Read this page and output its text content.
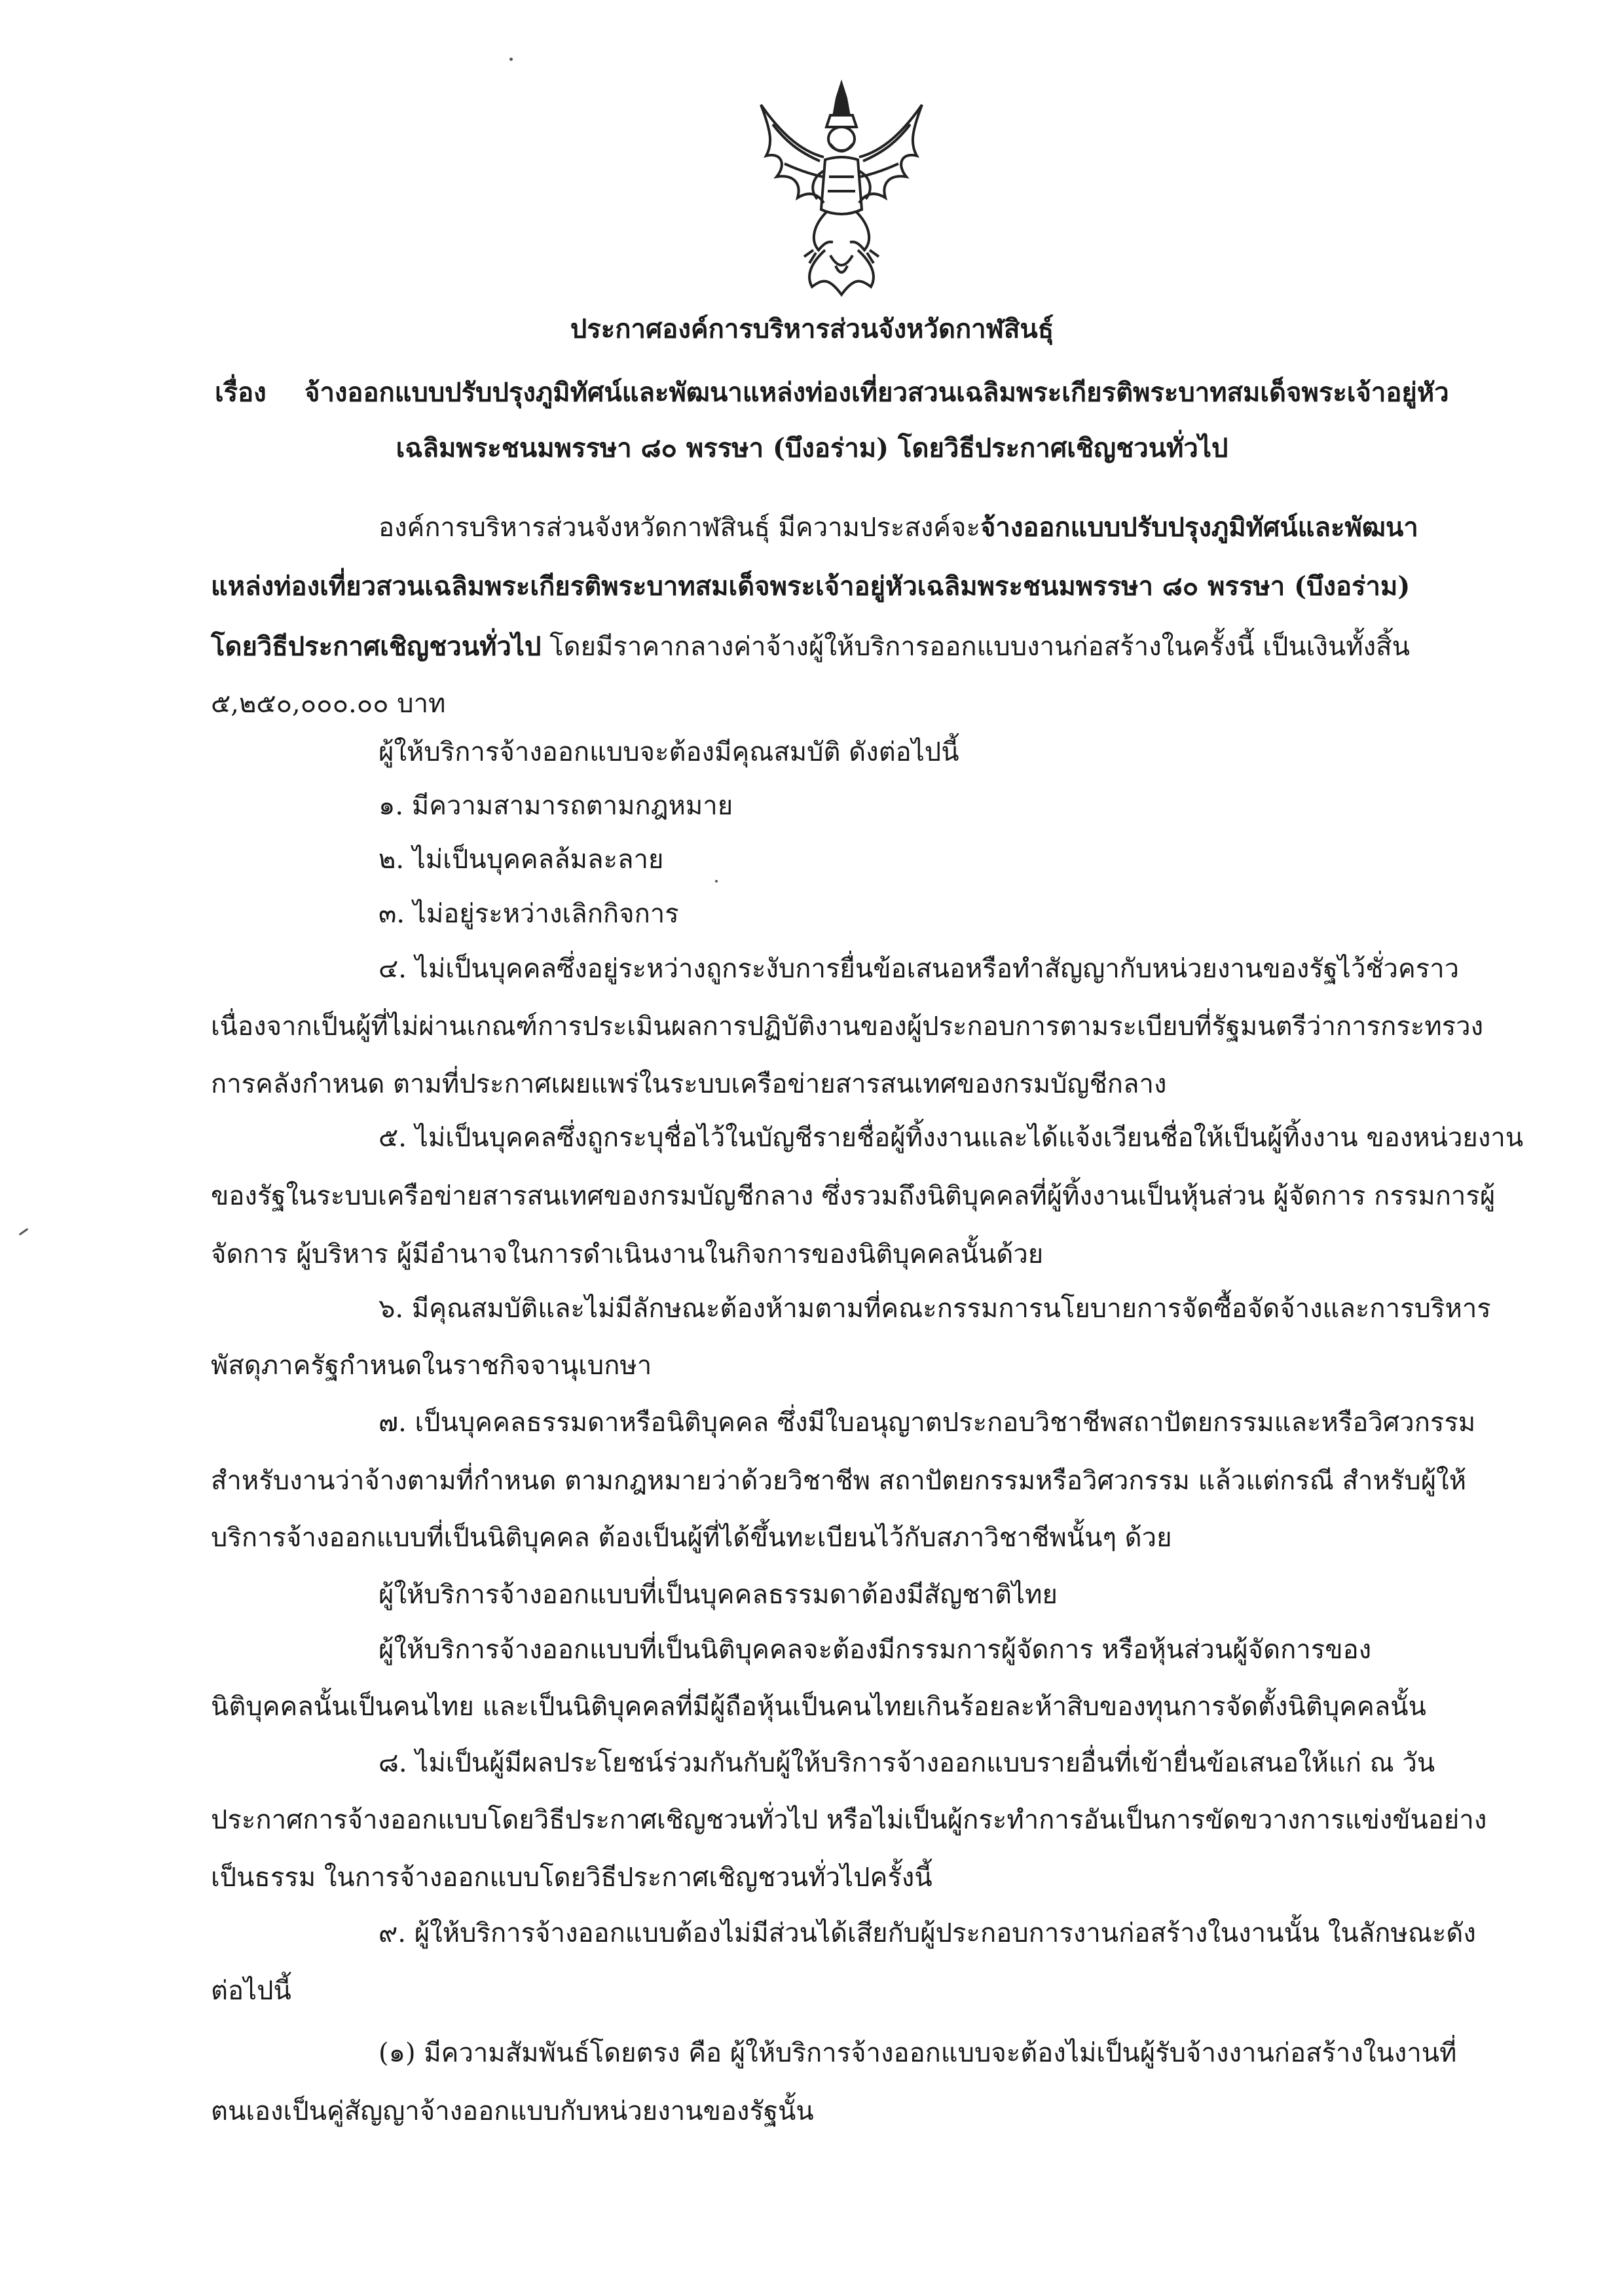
ประกาศองค์การบริหารส่วนจังหวัดกาฬสินธุ์
เรื่อง จ้างออกแบบปรับปรุงภูมิทัศน์และพัฒนาแหล่งท่องเที่ยวสวนเฉลิมพระเกียรติพระบาทสมเด็จพระเจ้าอยู่หัว
เฉลิมพระชนมพรรษา ๘๐ พรรษา (บึงอร่าม) โดยวิธีประกาศเชิญชวนทั่วไป
องค์การบริหารส่วนจังหวัดกาฬสินธุ์ มีความประสงค์จะจ้างออกแบบปรับปรุงภูมิทัศน์และพัฒนา
แหล่งท่องเที่ยวสวนเฉลิมพระเกียรติพระบาทสมเด็จพระเจ้าอยู่หัวเฉลิมพระชนมพรรษา ๘๐ พรรษา (บึงอร่าม)
โดยวิธีประกาศเชิญชวนทั่วไป โดยมีราคากลางค่าจ้างผู้ให้บริการออกแบบงานก่อสร้างในครั้งนี้ เป็นเงินทั้งสิ้น
๕,๒๕๐,๐๐๐.๐๐ บาท
ผู้ให้บริการจ้างออกแบบจะต้องมีคุณสมบัติ ดังต่อไปนี้
๑. มีความสามารถตามกฎหมาย
๒. ไม่เป็นบุคคลล้มละลาย
๓. ไม่อยู่ระหว่างเลิกกิจการ
๔. ไม่เป็นบุคคลซึ่งอยู่ระหว่างถูกระงับการยื่นข้อเสนอหรือทำสัญญากับหน่วยงานของรัฐไว้ชั่วคราว
เนื่องจากเป็นผู้ที่ไม่ผ่านเกณฑ์การประเมินผลการปฏิบัติงานของผู้ประกอบการตามระเบียบที่รัฐมนตรีว่าการกระทรวง
การคลังกำหนด ตามที่ประกาศเผยแพร่ในระบบเครือข่ายสารสนเทศของกรมบัญชีกลาง
๕. ไม่เป็นบุคคลซึ่งถูกระบุชื่อไว้ในบัญชีรายชื่อผู้ทิ้งงานและได้แจ้งเวียนชื่อให้เป็นผู้ทิ้งงาน ของหน่วยงาน
ของรัฐในระบบเครือข่ายสารสนเทศของกรมบัญชีกลาง ซึ่งรวมถึงนิติบุคคลที่ผู้ทิ้งงานเป็นหุ้นส่วน ผู้จัดการ กรรมการผู้
จัดการ ผู้บริหาร ผู้มีอำนาจในการดำเนินงานในกิจการของนิติบุคคลนั้นด้วย
๖. มีคุณสมบัติและไม่มีลักษณะต้องห้ามตามที่คณะกรรมการนโยบายการจัดซื้อจัดจ้างและการบริหาร
พัสดุภาครัฐกำหนดในราชกิจจานุเบกษา
๗. เป็นบุคคลธรรมดาหรือนิติบุคคล ซึ่งมีใบอนุญาตประกอบวิชาชีพสถาปัตยกรรมและหรือวิศวกรรม
สำหรับงานว่าจ้างตามที่กำหนด ตามกฎหมายว่าด้วยวิชาชีพ สถาปัตยกรรมหรือวิศวกรรม แล้วแต่กรณี สำหรับผู้ให้
บริการจ้างออกแบบที่เป็นนิติบุคคล ต้องเป็นผู้ที่ได้ขึ้นทะเบียนไว้กับสภาวิชาชีพนั้นๆ ด้วย
ผู้ให้บริการจ้างออกแบบที่เป็นบุคคลธรรมดาต้องมีสัญชาติไทย
ผู้ให้บริการจ้างออกแบบที่เป็นนิติบุคคลจะต้องมีกรรมการผู้จัดการ หรือหุ้นส่วนผู้จัดการของ
นิติบุคคลนั้นเป็นคนไทย และเป็นนิติบุคคลที่มีผู้ถือหุ้นเป็นคนไทยเกินร้อยละห้าสิบของทุนการจัดตั้งนิติบุคคลนั้น
๘. ไม่เป็นผู้มีผลประโยชน์ร่วมกันกับผู้ให้บริการจ้างออกแบบรายอื่นที่เข้ายื่นข้อเสนอให้แก่ ณ วัน
ประกาศการจ้างออกแบบโดยวิธีประกาศเชิญชวนทั่วไป หรือไม่เป็นผู้กระทำการอันเป็นการขัดขวางการแข่งขันอย่าง
เป็นธรรม ในการจ้างออกแบบโดยวิธีประกาศเชิญชวนทั่วไปครั้งนี้
๙. ผู้ให้บริการจ้างออกแบบต้องไม่มีส่วนได้เสียกับผู้ประกอบการงานก่อสร้างในงานนั้น ในลักษณะดัง
ต่อไปนี้
(๑) มีความสัมพันธ์โดยตรง คือ ผู้ให้บริการจ้างออกแบบจะต้องไม่เป็นผู้รับจ้างงานก่อสร้างในงานที่
ตนเองเป็นคู่สัญญาจ้างออกแบบกับหน่วยงานของรัฐนั้น
